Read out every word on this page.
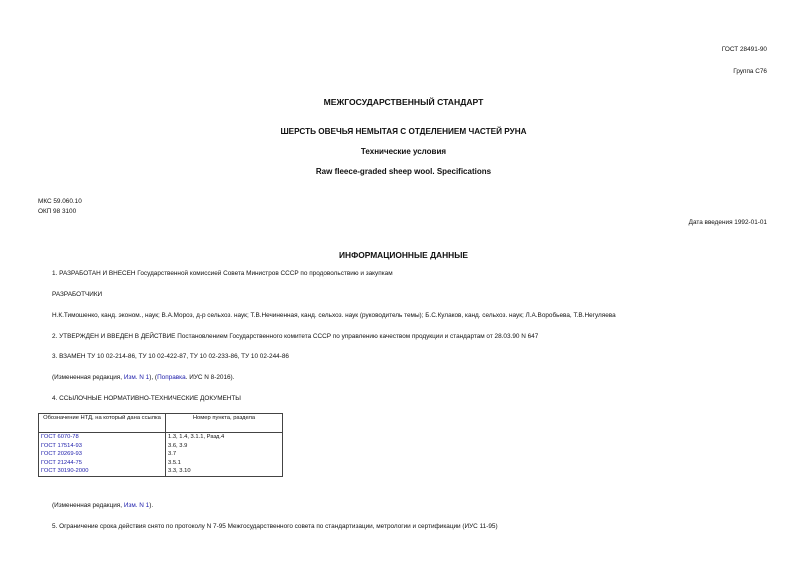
ГОСТ 28491-90
Группа С76
МЕЖГОСУДАРСТВЕННЫЙ СТАНДАРТ
ШЕРСТЬ ОВЕЧЬЯ НЕМЫТАЯ С ОТДЕЛЕНИЕМ ЧАСТЕЙ РУНА
Технические условия
Raw fleece-graded sheep wool. Specifications
МКС 59.060.10
ОКП 98 3100
Дата введения 1992-01-01
ИНФОРМАЦИОННЫЕ ДАННЫЕ
1. РАЗРАБОТАН И ВНЕСЕН Государственной комиссией Совета Министров СССР по продовольствию и закупкам
РАЗРАБОТЧИКИ
Н.К.Тимошенко, канд. эконом., наук; В.А.Мороз, д-р сельхоз. наук; Т.В.Нечиненная, канд. сельхоз. наук (руководитель темы); Б.С.Кулаков, канд. сельхоз. наук; Л.А.Воробьева, Т.В.Негуляева
2. УТВЕРЖДЕН И ВВЕДЕН В ДЕЙСТВИЕ Постановлением Государственного комитета СССР по управлению качеством продукции и стандартам от 28.03.90 N 647
3. ВЗАМЕН ТУ 10 02-214-86, ТУ 10 02-422-87, ТУ 10 02-233-86, ТУ 10 02-244-86
(Измененная редакция, Изм. N 1), (Поправка. ИУС N 8-2016).
4. ССЫЛОЧНЫЕ НОРМАТИВНО-ТЕХНИЧЕСКИЕ ДОКУМЕНТЫ
Обозначение НТД, на который дана ссылка	Номер пункта, раздела
ГОСТ 6070-78	1.3, 1.4, 3.1.1, Разд.4
ГОСТ 17514-93	3.6, 3.9
ГОСТ 20269-93	3.7
ГОСТ 21244-75	3.5.1
ГОСТ 30190-2000	3.3, 3.10
(Измененная редакция, Изм. N 1).
5. Ограничение срока действия снято по протоколу N 7-95 Межгосударственного совета по стандартизации, метрологии и сертификации (ИУС 11-95)
